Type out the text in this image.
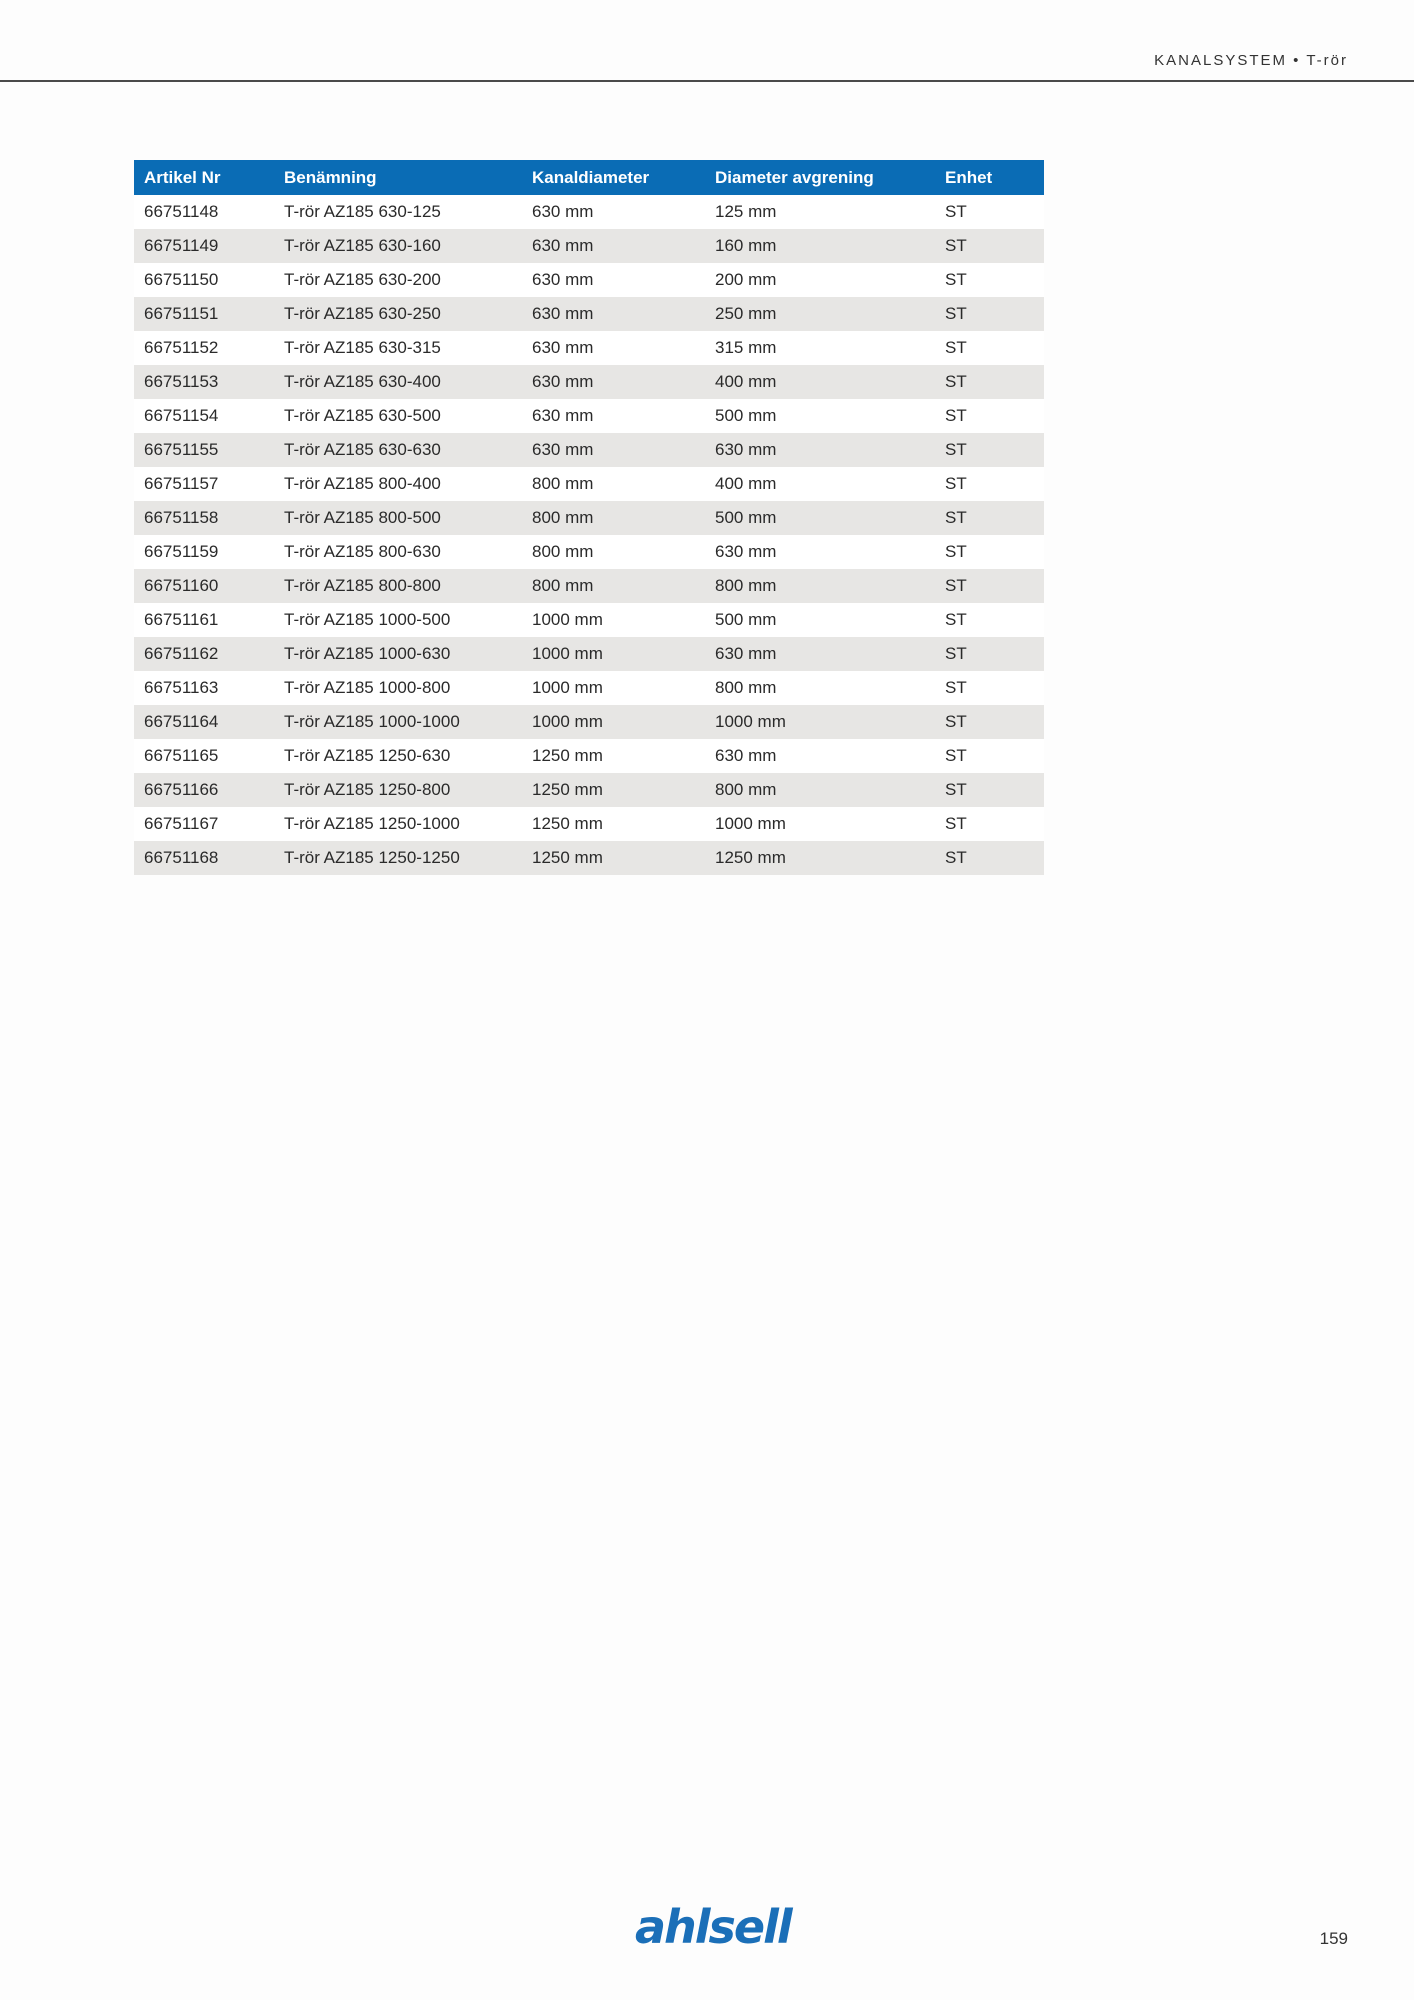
KANALSYSTEM • T-rör
Artikel Nr	Benämning	Kanaldiameter	Diameter avgrening	Enhet
66751148	T-rör AZ185 630-125	630 mm	125 mm	ST
66751149	T-rör AZ185 630-160	630 mm	160 mm	ST
66751150	T-rör AZ185 630-200	630 mm	200 mm	ST
66751151	T-rör AZ185 630-250	630 mm	250 mm	ST
66751152	T-rör AZ185 630-315	630 mm	315 mm	ST
66751153	T-rör AZ185 630-400	630 mm	400 mm	ST
66751154	T-rör AZ185 630-500	630 mm	500 mm	ST
66751155	T-rör AZ185 630-630	630 mm	630 mm	ST
66751157	T-rör AZ185 800-400	800 mm	400 mm	ST
66751158	T-rör AZ185 800-500	800 mm	500 mm	ST
66751159	T-rör AZ185 800-630	800 mm	630 mm	ST
66751160	T-rör AZ185 800-800	800 mm	800 mm	ST
66751161	T-rör AZ185 1000-500	1000 mm	500 mm	ST
66751162	T-rör AZ185 1000-630	1000 mm	630 mm	ST
66751163	T-rör AZ185 1000-800	1000 mm	800 mm	ST
66751164	T-rör AZ185 1000-1000	1000 mm	1000 mm	ST
66751165	T-rör AZ185 1250-630	1250 mm	630 mm	ST
66751166	T-rör AZ185 1250-800	1250 mm	800 mm	ST
66751167	T-rör AZ185 1250-1000	1250 mm	1000 mm	ST
66751168	T-rör AZ185 1250-1250	1250 mm	1250 mm	ST
ahlsell	159
